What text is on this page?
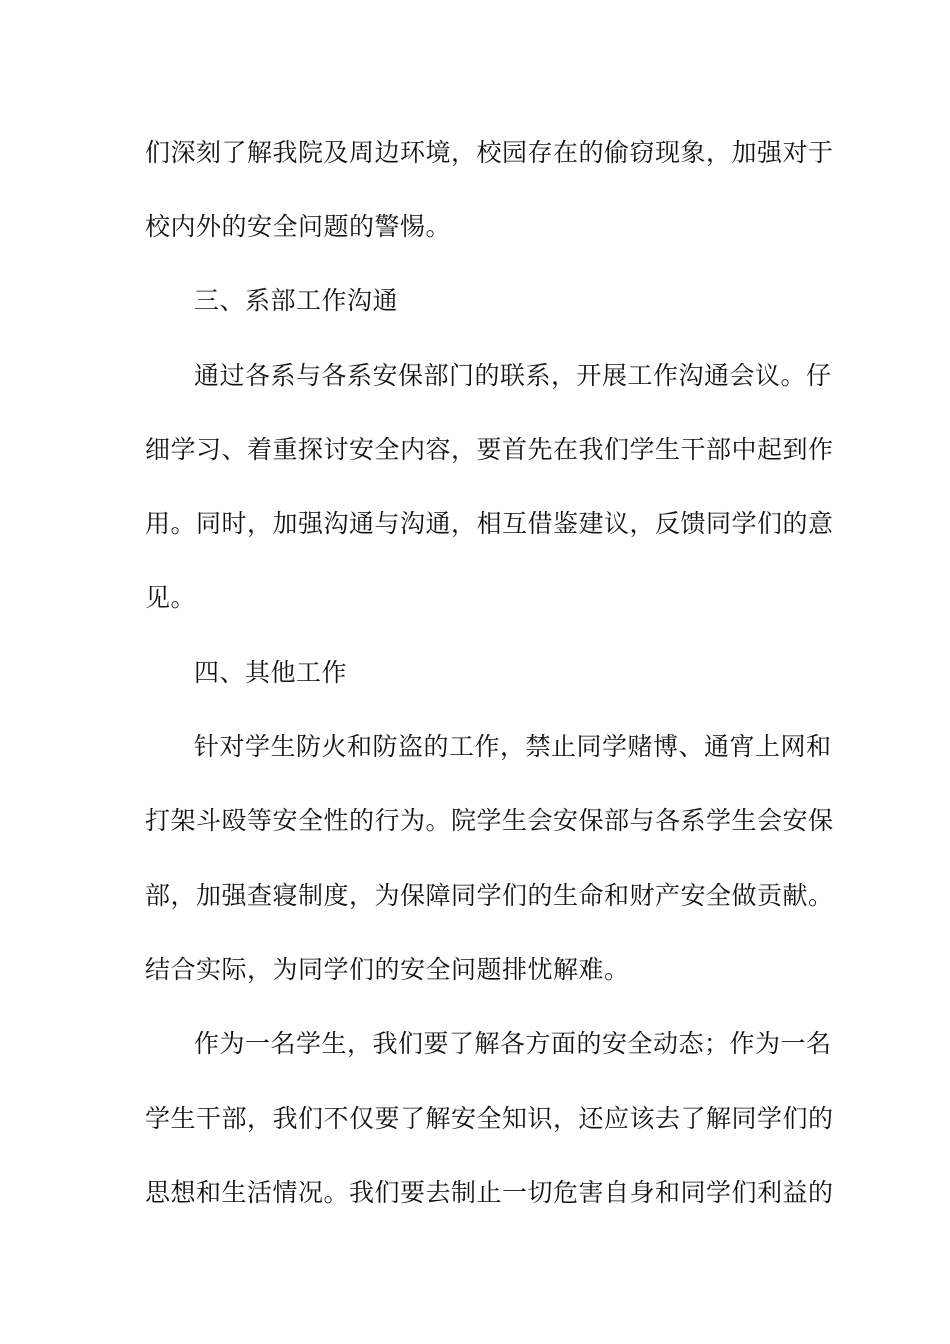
们深刻了解我院及周边环境，校园存在的偷窃现象，加强对于
校内外的安全问题的警惕。
三、系部工作沟通
通过各系与各系安保部门的联系，开展工作沟通会议。仔
细学习、着重探讨安全内容，要首先在我们学生干部中起到作
用。同时，加强沟通与沟通，相互借鉴建议，反馈同学们的意
见。
四、其他工作
针对学生防火和防盗的工作，禁止同学赌博、通宵上网和
打架斗殴等安全性的行为。院学生会安保部与各系学生会安保
部，加强查寝制度，为保障同学们的生命和财产安全做贡献。
结合实际，为同学们的安全问题排忧解难。
作为一名学生，我们要了解各方面的安全动态；作为一名
学生干部，我们不仅要了解安全知识，还应该去了解同学们的
思想和生活情况。我们要去制止一切危害自身和同学们利益的
